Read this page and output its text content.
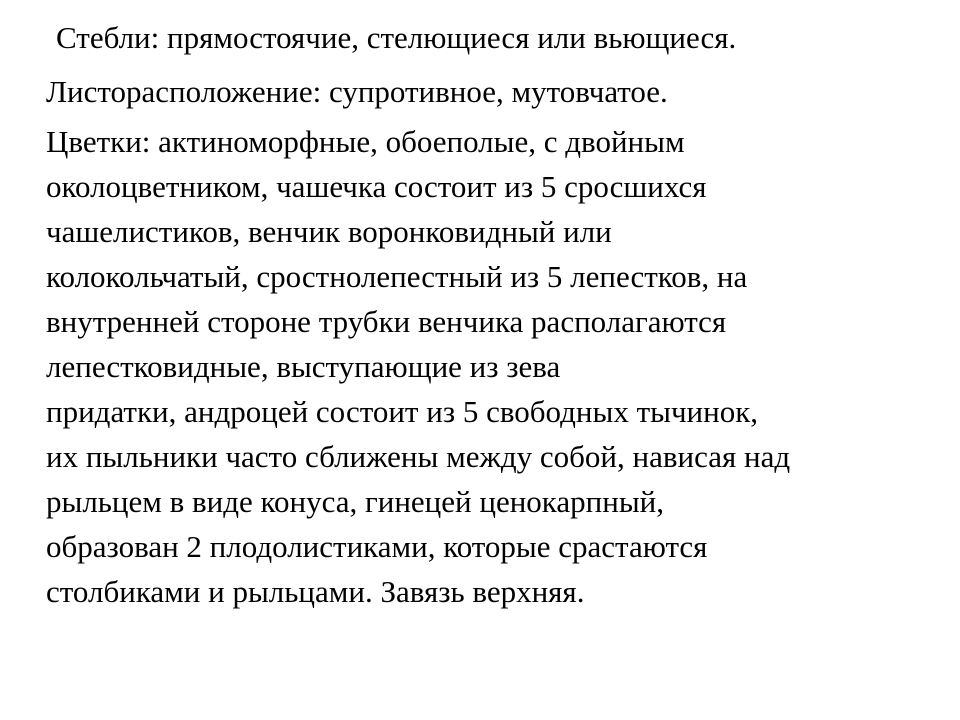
Стебли: прямостоячие, стелющиеся или вьющиеся.

Листорасположение: супротивное, мутовчатое.

Цветки: актиноморфные, обоеполые, с двойным

околоцветником, чашечка состоит из 5 сросшихся

чашелистиков, венчик воронковидный или

колокольчатый, сростнолепестный из 5 лепестков, на

внутренней стороне трубки венчика располагаются

лепестковидные, выступающие из зева

придатки, андроцей состоит из 5 свободных тычинок,

их пыльники часто сближены между собой, нависая над

рыльцем в виде конуса, гинецей ценокарпный,

образован 2 плодолистиками, которые срастаются

столбиками и рыльцами. Завязь верхняя.
